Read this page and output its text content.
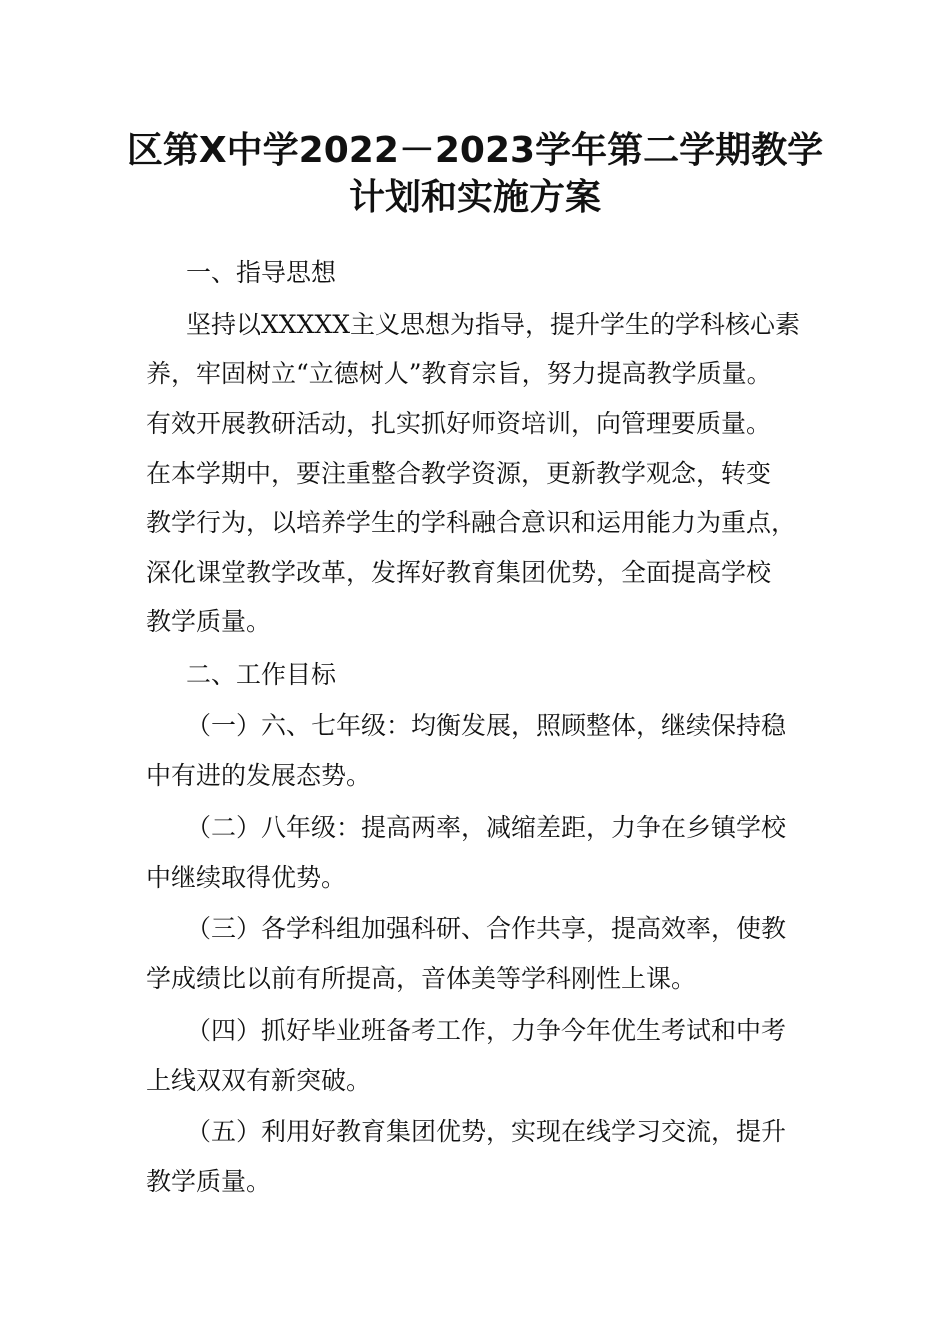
区第X中学2022－2023学年第二学期教学
计划和实施方案
一、指导思想
坚持以XXXXX主义思想为指导，提升学生的学科核心素
养，牢固树立“立德树人”教育宗旨，努力提高教学质量。
有效开展教研活动，扎实抓好师资培训，向管理要质量。
在本学期中，要注重整合教学资源，更新教学观念，转变
教学行为，以培养学生的学科融合意识和运用能力为重点，
深化课堂教学改革，发挥好教育集团优势，全面提高学校
教学质量。
二、工作目标
（一）六、七年级：均衡发展，照顾整体，继续保持稳
中有进的发展态势。
（二）八年级：提高两率，减缩差距，力争在乡镇学校
中继续取得优势。
（三）各学科组加强科研、合作共享，提高效率，使教
学成绩比以前有所提高，音体美等学科刚性上课。
（四）抓好毕业班备考工作，力争今年优生考试和中考
上线双双有新突破。
（五）利用好教育集团优势，实现在线学习交流，提升
教学质量。
